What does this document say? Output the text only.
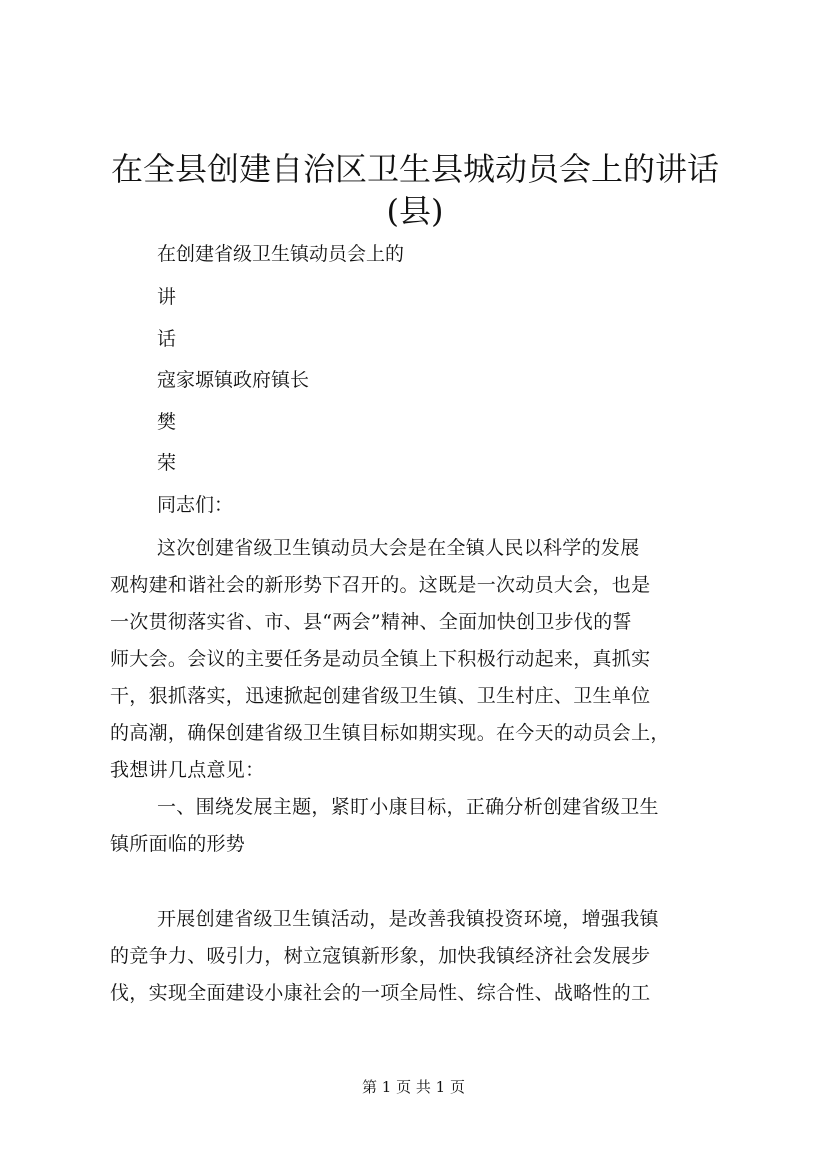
在全县创建自治区卫生县城动员会上的讲话
(县)
在创建省级卫生镇动员会上的
讲
话
寇家塬镇政府镇长
樊
荣
同志们：
这次创建省级卫生镇动员大会是在全镇人民以科学的发展
观构建和谐社会的新形势下召开的。这既是一次动员大会，也是
一次贯彻落实省、市、县“两会”精神、全面加快创卫步伐的誓
师大会。会议的主要任务是动员全镇上下积极行动起来，真抓实
干，狠抓落实，迅速掀起创建省级卫生镇、卫生村庄、卫生单位
的高潮，确保创建省级卫生镇目标如期实现。在今天的动员会上，
我想讲几点意见：
一、围绕发展主题，紧盯小康目标，正确分析创建省级卫生
镇所面临的形势
开展创建省级卫生镇活动，是改善我镇投资环境，增强我镇
的竞争力、吸引力，树立寇镇新形象，加快我镇经济社会发展步
伐，实现全面建设小康社会的一项全局性、综合性、战略性的工
第 1 页 共 1 页
